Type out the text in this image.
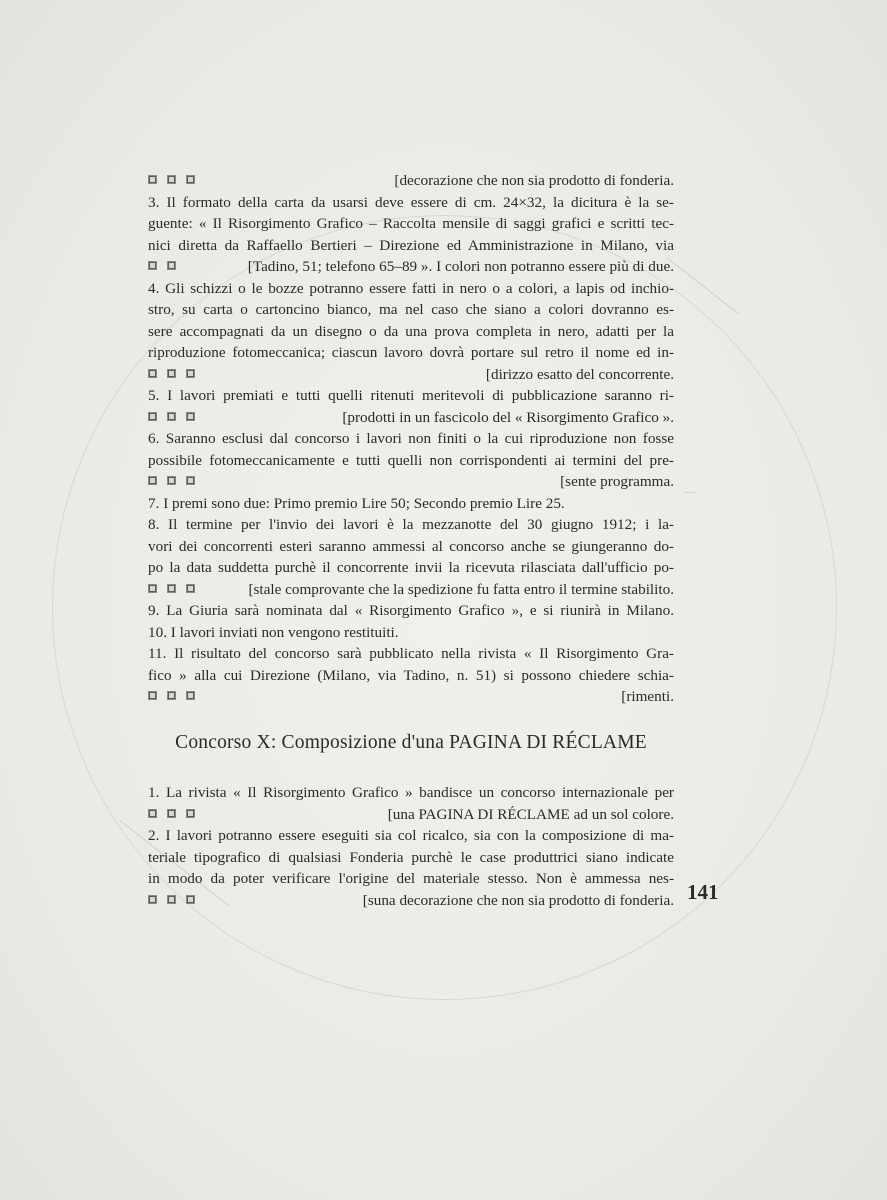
[decorazione che non sia prodotto di fonderia.
3. Il formato della carta da usarsi deve essere di cm. 24×32, la dicitura è la se-
guente: « Il Risorgimento Grafico – Raccolta mensile di saggi grafici e scritti tec-
nici diretta da Raffaello Bertieri – Direzione ed Amministrazione in Milano, via
[Tadino, 51; telefono 65–89 ». I colori non potranno essere più di due.
4. Gli schizzi o le bozze potranno essere fatti in nero o a colori, a lapis od inchio-
stro, su carta o cartoncino bianco, ma nel caso che siano a colori dovranno es-
sere accompagnati da un disegno o da una prova completa in nero, adatti per la
riproduzione fotomeccanica; ciascun lavoro dovrà portare sul retro il nome ed in-
[dirizzo esatto del concorrente.
5. I lavori premiati e tutti quelli ritenuti meritevoli di pubblicazione saranno ri-
[prodotti in un fascicolo del « Risorgimento Grafico ».
6. Saranno esclusi dal concorso i lavori non finiti o la cui riproduzione non fosse
possibile fotomeccanicamente e tutti quelli non corrispondenti ai termini del pre-
[sente programma.
7. I premi sono due: Primo premio Lire 50; Secondo premio Lire 25.
8. Il termine per l'invio dei lavori è la mezzanotte del 30 giugno 1912; i la-
vori dei concorrenti esteri saranno ammessi al concorso anche se giungeranno do-
po la data suddetta purchè il concorrente invii la ricevuta rilasciata dall'ufficio po-
[stale comprovante che la spedizione fu fatta entro il termine stabilito.
9. La Giuria sarà nominata dal « Risorgimento Grafico », e si riunirà in Milano.
10. I lavori inviati non vengono restituiti.
11. Il risultato del concorso sarà pubblicato nella rivista « Il Risorgimento Gra-
fico » alla cui Direzione (Milano, via Tadino, n. 51) si possono chiedere schia-
[rimenti.
Concorso X: Composizione d'una PAGINA DI RÉCLAME
1. La rivista « Il Risorgimento Grafico » bandisce un concorso internazionale per
[una PAGINA DI RÉCLAME ad un sol colore.
2. I lavori potranno essere eseguiti sia col ricalco, sia con la composizione di ma-
teriale tipografico di qualsiasi Fonderia purchè le case produttrici siano indicate
in modo da poter verificare l'origine del materiale stesso. Non è ammessa nes-
[suna decorazione che non sia prodotto di fonderia. 141
